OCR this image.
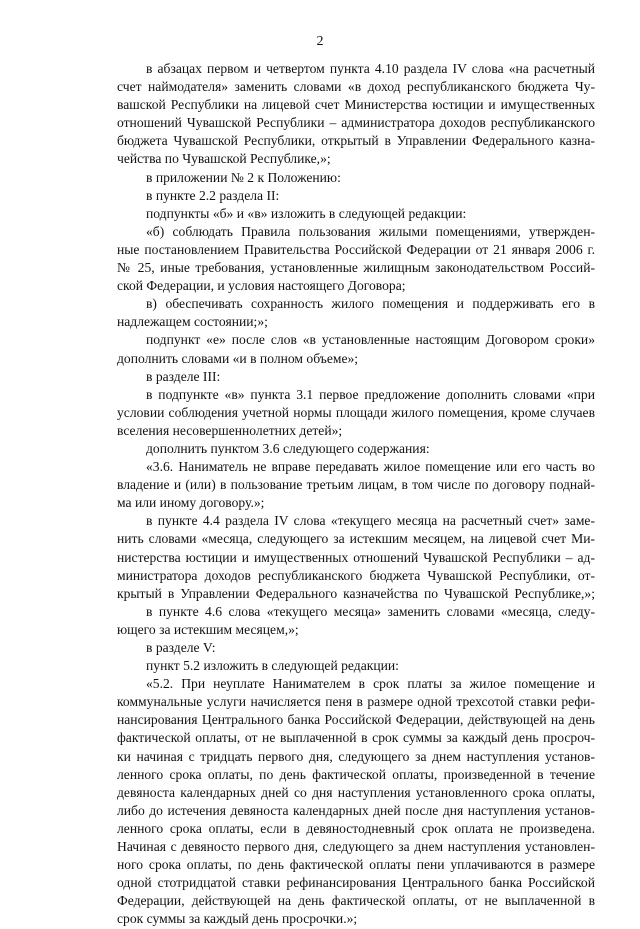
2
в абзацах первом и четвертом пункта 4.10 раздела IV слова «на расчетный
счет наймодателя» заменить словами «в доход республиканского бюджета Чу-
вашской Республики на лицевой счет Министерства юстиции и имущественных
отношений Чувашской Республики – администратора доходов республиканского
бюджета Чувашской Республики, открытый в Управлении Федерального казна-
чейства по Чувашской Республике,»;
в приложении № 2 к Положению:
в пункте 2.2 раздела II:
подпункты «б» и «в» изложить в следующей редакции:
«б) соблюдать Правила пользования жилыми помещениями, утвержден-
ные постановлением Правительства Российской Федерации от 21 января 2006 г.
№ 25, иные требования, установленные жилищным законодательством Россий-
ской Федерации, и условия настоящего Договора;
в) обеспечивать сохранность жилого помещения и поддерживать его в
надлежащем состоянии;»;
подпункт «е» после слов «в установленные настоящим Договором сроки»
дополнить словами «и в полном объеме»;
в разделе III:
в подпункте «в» пункта 3.1 первое предложение дополнить словами «при
условии соблюдения учетной нормы площади жилого помещения, кроме случаев
вселения несовершеннолетних детей»;
дополнить пунктом 3.6 следующего содержания:
«3.6. Наниматель не вправе передавать жилое помещение или его часть во
владение и (или) в пользование третьим лицам, в том числе по договору поднай-
ма или иному договору.»;
в пункте 4.4 раздела IV слова «текущего месяца на расчетный счет» заме-
нить словами «месяца, следующего за истекшим месяцем, на лицевой счет Ми-
нистерства юстиции и имущественных отношений Чувашской Республики – ад-
министратора доходов республиканского бюджета Чувашской Республики, от-
крытый в Управлении Федерального казначейства по Чувашской Республике,»;
в пункте 4.6 слова «текущего месяца» заменить словами «месяца, следу-
ющего за истекшим месяцем,»;
в разделе V:
пункт 5.2 изложить в следующей редакции:
«5.2. При неуплате Нанимателем в срок платы за жилое помещение и
коммунальные услуги начисляется пеня в размере одной трехсотой ставки рефи-
нансирования Центрального банка Российской Федерации, действующей на день
фактической оплаты, от не выплаченной в срок суммы за каждый день просроч-
ки начиная с тридцать первого дня, следующего за днем наступления установ-
ленного срока оплаты, по день фактической оплаты, произведенной в течение
девяноста календарных дней со дня наступления установленного срока оплаты,
либо до истечения девяноста календарных дней после дня наступления установ-
ленного срока оплаты, если в девяностодневный срок оплата не произведена.
Начиная с девяносто первого дня, следующего за днем наступления установлен-
ного срока оплаты, по день фактической оплаты пени уплачиваются в размере
одной стотридцатой ставки рефинансирования Центрального банка Российской
Федерации, действующей на день фактической оплаты, от не выплаченной в
срок суммы за каждый день просрочки.»;
